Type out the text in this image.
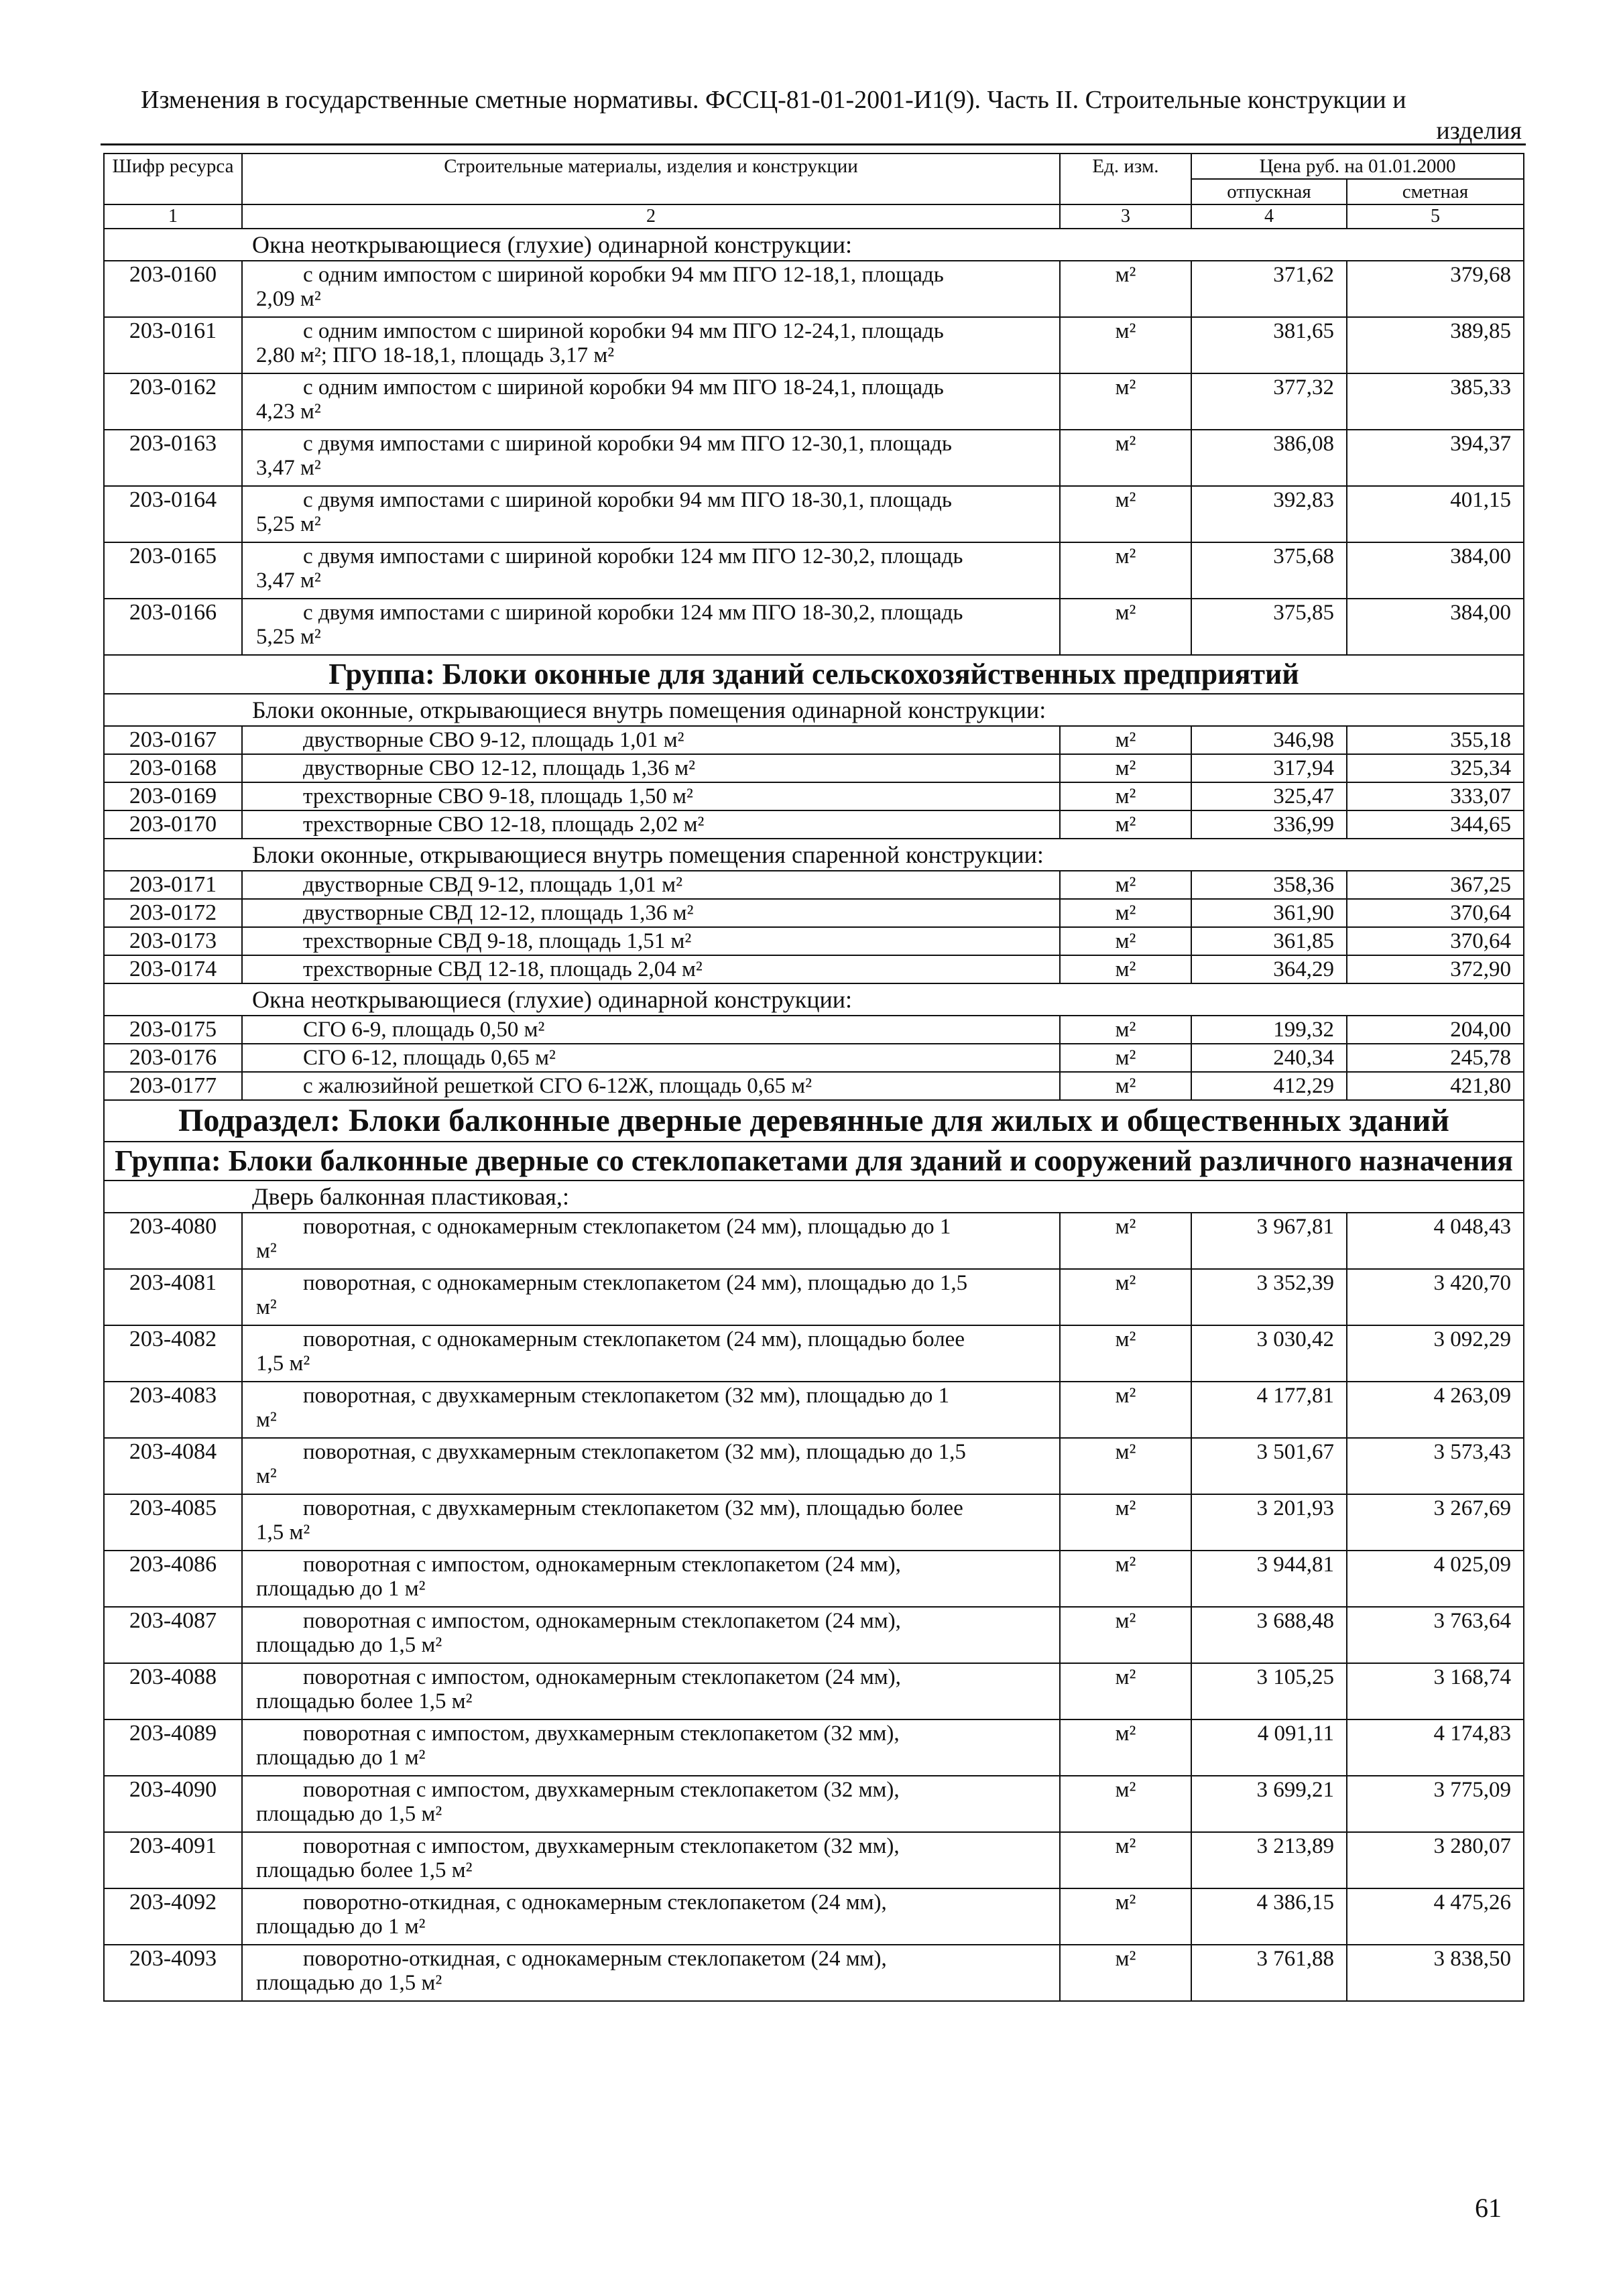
Изменения в государственные сметные нормативы. ФССЦ-81-01-2001-И1(9). Часть II. Строительные конструкции и
изделия
Шифр ресурса	Строительные материалы, изделия и конструкции	Ед. изм.	Цена руб. на 01.01.2000	
			отпускная	сметная
1	2	3	4	5
Окна неоткрывающиеся (глухие) одинарной конструкции:				
203-0160	с одним импостом с шириной коробки 94 мм ПГО 12-18,1, площадь
2,09 м²	м²	371,62	379,68
203-0161	с одним импостом с шириной коробки 94 мм ПГО 12-24,1, площадь
2,80 м²; ПГО 18-18,1, площадь 3,17 м²	м²	381,65	389,85
203-0162	с одним импостом с шириной коробки 94 мм ПГО 18-24,1, площадь
4,23 м²	м²	377,32	385,33
203-0163	с двумя импостами с шириной коробки 94 мм ПГО 12-30,1, площадь
3,47 м²	м²	386,08	394,37
203-0164	с двумя импостами с шириной коробки 94 мм ПГО 18-30,1, площадь
5,25 м²	м²	392,83	401,15
203-0165	с двумя импостами с шириной коробки 124 мм ПГО 12-30,2, площадь
3,47 м²	м²	375,68	384,00
203-0166	с двумя импостами с шириной коробки 124 мм ПГО 18-30,2, площадь
5,25 м²	м²	375,85	384,00
Группа: Блоки оконные для зданий сельскохозяйственных предприятий				
Блоки оконные, открывающиеся внутрь помещения одинарной конструкции:				
203-0167	двустворные СВО 9-12, площадь 1,01 м²	м²	346,98	355,18
203-0168	двустворные СВО 12-12, площадь 1,36 м²	м²	317,94	325,34
203-0169	трехстворные СВО 9-18, площадь 1,50 м²	м²	325,47	333,07
203-0170	трехстворные СВО 12-18, площадь 2,02 м²	м²	336,99	344,65
Блоки оконные, открывающиеся внутрь помещения спаренной конструкции:				
203-0171	двустворные СВД 9-12, площадь 1,01 м²	м²	358,36	367,25
203-0172	двустворные СВД 12-12, площадь 1,36 м²	м²	361,90	370,64
203-0173	трехстворные СВД 9-18, площадь 1,51 м²	м²	361,85	370,64
203-0174	трехстворные СВД 12-18, площадь 2,04 м²	м²	364,29	372,90
Окна неоткрывающиеся (глухие) одинарной конструкции:				
203-0175	СГО 6-9, площадь 0,50 м²	м²	199,32	204,00
203-0176	СГО 6-12, площадь 0,65 м²	м²	240,34	245,78
203-0177	с жалюзийной решеткой СГО 6-12Ж, площадь 0,65 м²	м²	412,29	421,80
Подраздел: Блоки балконные дверные деревянные для жилых и общественных зданий				
Группа: Блоки балконные дверные со стеклопакетами для зданий и сооружений различного назначения				
Дверь балконная пластиковая,:				
203-4080	поворотная, с однокамерным стеклопакетом (24 мм), площадью до 1
м²	м²	3 967,81	4 048,43
203-4081	поворотная, с однокамерным стеклопакетом (24 мм), площадью до 1,5
м²	м²	3 352,39	3 420,70
203-4082	поворотная, с однокамерным стеклопакетом (24 мм), площадью более
1,5 м²	м²	3 030,42	3 092,29
203-4083	поворотная, с двухкамерным стеклопакетом (32 мм), площадью до 1
м²	м²	4 177,81	4 263,09
203-4084	поворотная, с двухкамерным стеклопакетом (32 мм), площадью до 1,5
м²	м²	3 501,67	3 573,43
203-4085	поворотная, с двухкамерным стеклопакетом (32 мм), площадью более
1,5 м²	м²	3 201,93	3 267,69
203-4086	поворотная с импостом, однокамерным стеклопакетом (24 мм),
площадью до 1 м²	м²	3 944,81	4 025,09
203-4087	поворотная с импостом, однокамерным стеклопакетом (24 мм),
площадью до 1,5 м²	м²	3 688,48	3 763,64
203-4088	поворотная с импостом, однокамерным стеклопакетом (24 мм),
площадью более 1,5 м²	м²	3 105,25	3 168,74
203-4089	поворотная с импостом, двухкамерным стеклопакетом (32 мм),
площадью до 1 м²	м²	4 091,11	4 174,83
203-4090	поворотная с импостом, двухкамерным стеклопакетом (32 мм),
площадью до 1,5 м²	м²	3 699,21	3 775,09
203-4091	поворотная с импостом, двухкамерным стеклопакетом (32 мм),
площадью более 1,5 м²	м²	3 213,89	3 280,07
203-4092	поворотно-откидная, с однокамерным стеклопакетом (24 мм),
площадью до 1 м²	м²	4 386,15	4 475,26
203-4093	поворотно-откидная, с однокамерным стеклопакетом (24 мм),
площадью до 1,5 м²	м²	3 761,88	3 838,50
61
